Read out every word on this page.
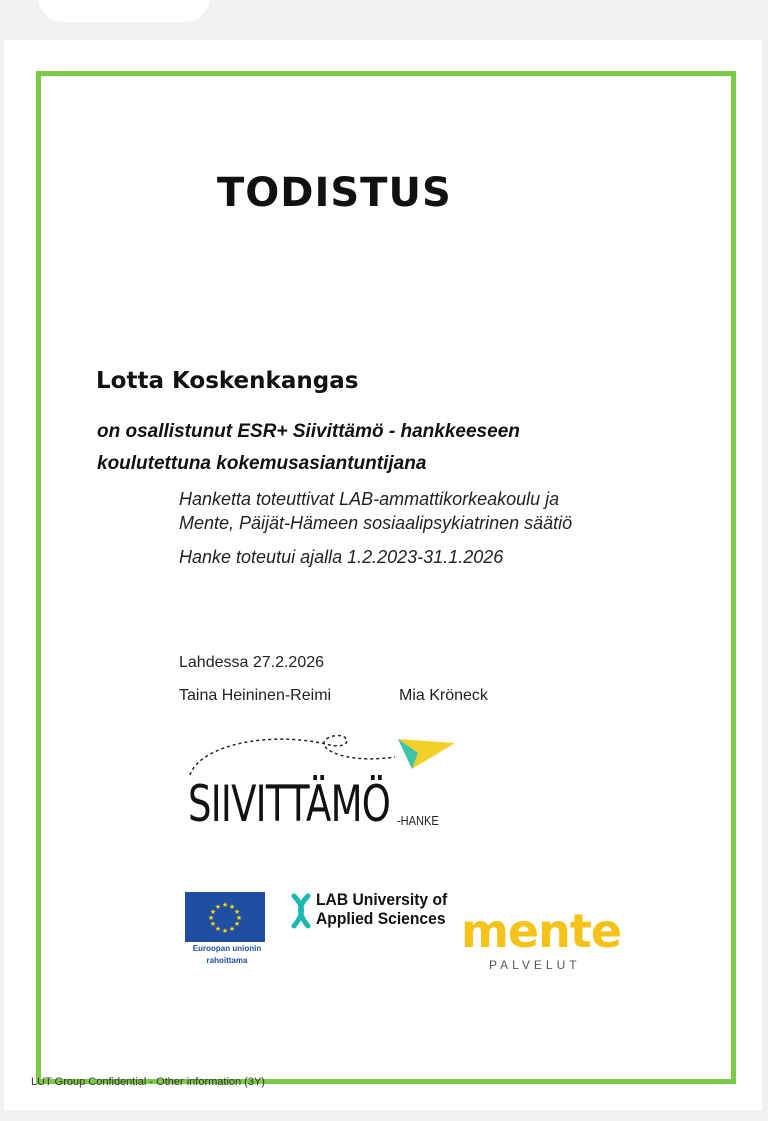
TODISTUS
Lotta Koskenkangas
on osallistunut ESR+ Siivittämö - hankkeeseen
koulutettuna kokemusasiantuntijana
Hanketta toteuttivat LAB-ammattikorkeakoulu ja
Mente, Päijät-Hämeen sosiaalipsykiatrinen säätiö
Hanke toteutui ajalla 1.2.2023-31.1.2026
Lahdessa 27.2.2026
Taina Heininen-Reimi	Mia Kröneck
SIIVITTÄMÖ -HANKE
★ ★
★
★
★
★
★
★
★
★
★
★
Euroopan unionin
rahoittama
LAB University of
Applied Sciences mente
PALVELUT
LUT Group Confidential - Other information (3Y)
